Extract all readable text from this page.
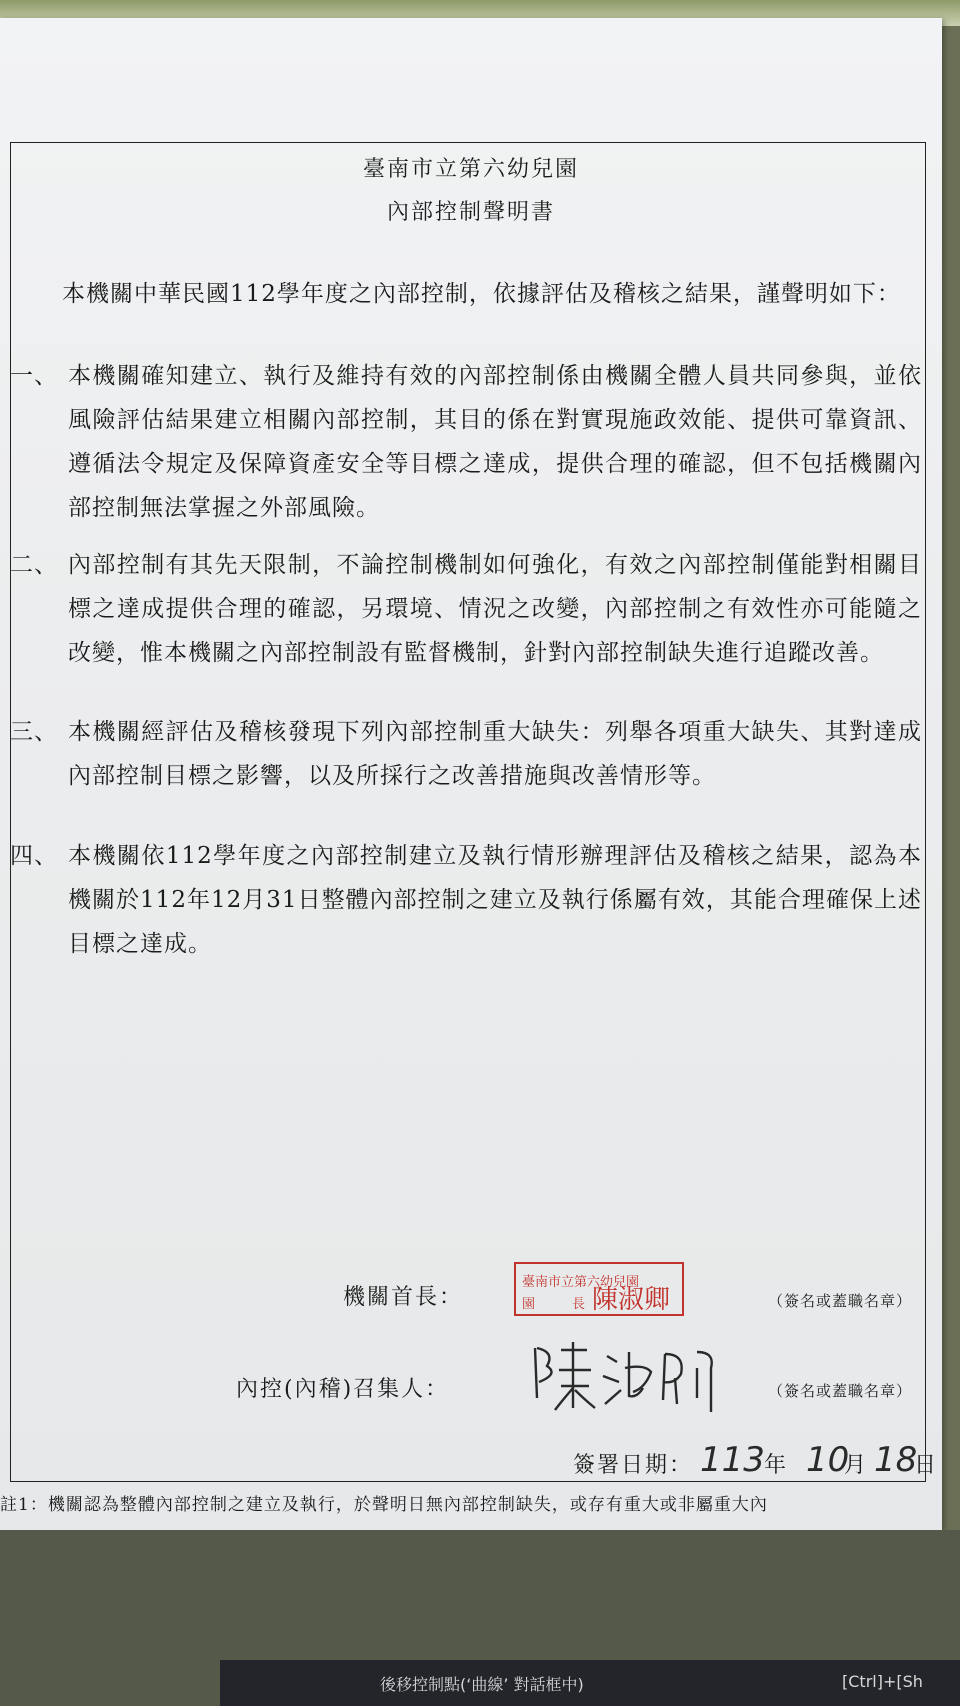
臺南市立第六幼兒園
內部控制聲明書

本機關中華民國112學年度之內部控制，依據評估及稽核之結果，謹聲明如下：

一、 本機關確知建立、執行及維持有效的內部控制係由機關全體人員共同參與，並依風險評估結果建立相關內部控制，其目的係在對實現施政效能、提供可靠資訊、遵循法令規定及保障資產安全等目標之達成，提供合理的確認，但不包括機關內部控制無法掌握之外部風險。
二、 內部控制有其先天限制，不論控制機制如何強化，有效之內部控制僅能對相關目標之達成提供合理的確認，另環境、情況之改變，內部控制之有效性亦可能隨之改變，惟本機關之內部控制設有監督機制，針對內部控制缺失進行追蹤改善。
三、 本機關經評估及稽核發現下列內部控制重大缺失：列舉各項重大缺失、其對達成內部控制目標之影響，以及所採行之改善措施與改善情形等。
四、 本機關依112學年度之內部控制建立及執行情形辦理評估及稽核之結果，認為本機關於112年12月31日整體內部控制之建立及執行係屬有效，其能合理確保上述目標之達成。
機關首長：
臺南市立第六幼兒園
園	長 陳淑卿	（簽名或蓋職名章）
內控(內稽)召集人：	（簽名或蓋職名章）
簽署日期： 113 年 10
月 18
日
註1：機關認為整體內部控制之建立及執行，於聲明日無內部控制缺失，或存有重大或非屬重大內
後移控制點(‘曲線’ 對話框中)	[Ctrl]+[Sh
